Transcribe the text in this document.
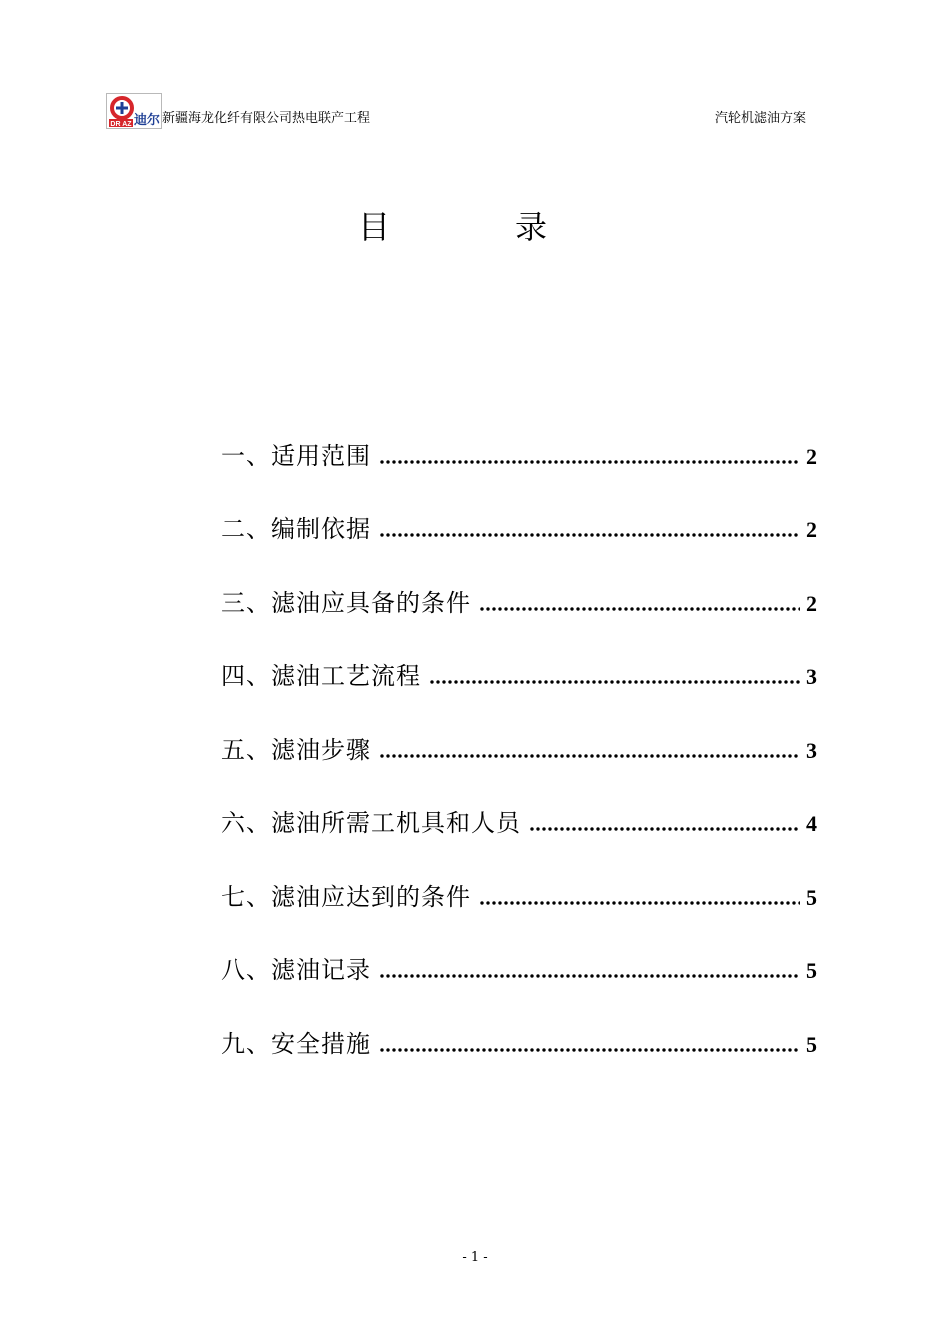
DR AZ 迪尔 新疆海龙化纤有限公司热电联产工程	汽轮机滤油方案
目	录
一、适用范围	2
二、编制依据	2
三、滤油应具备的条件	2
四、滤油工艺流程	3
五、滤油步骤	3
六、滤油所需工机具和人员	4
七、滤油应达到的条件	5
八、滤油记录	5
九、安全措施	5
- 1 -
